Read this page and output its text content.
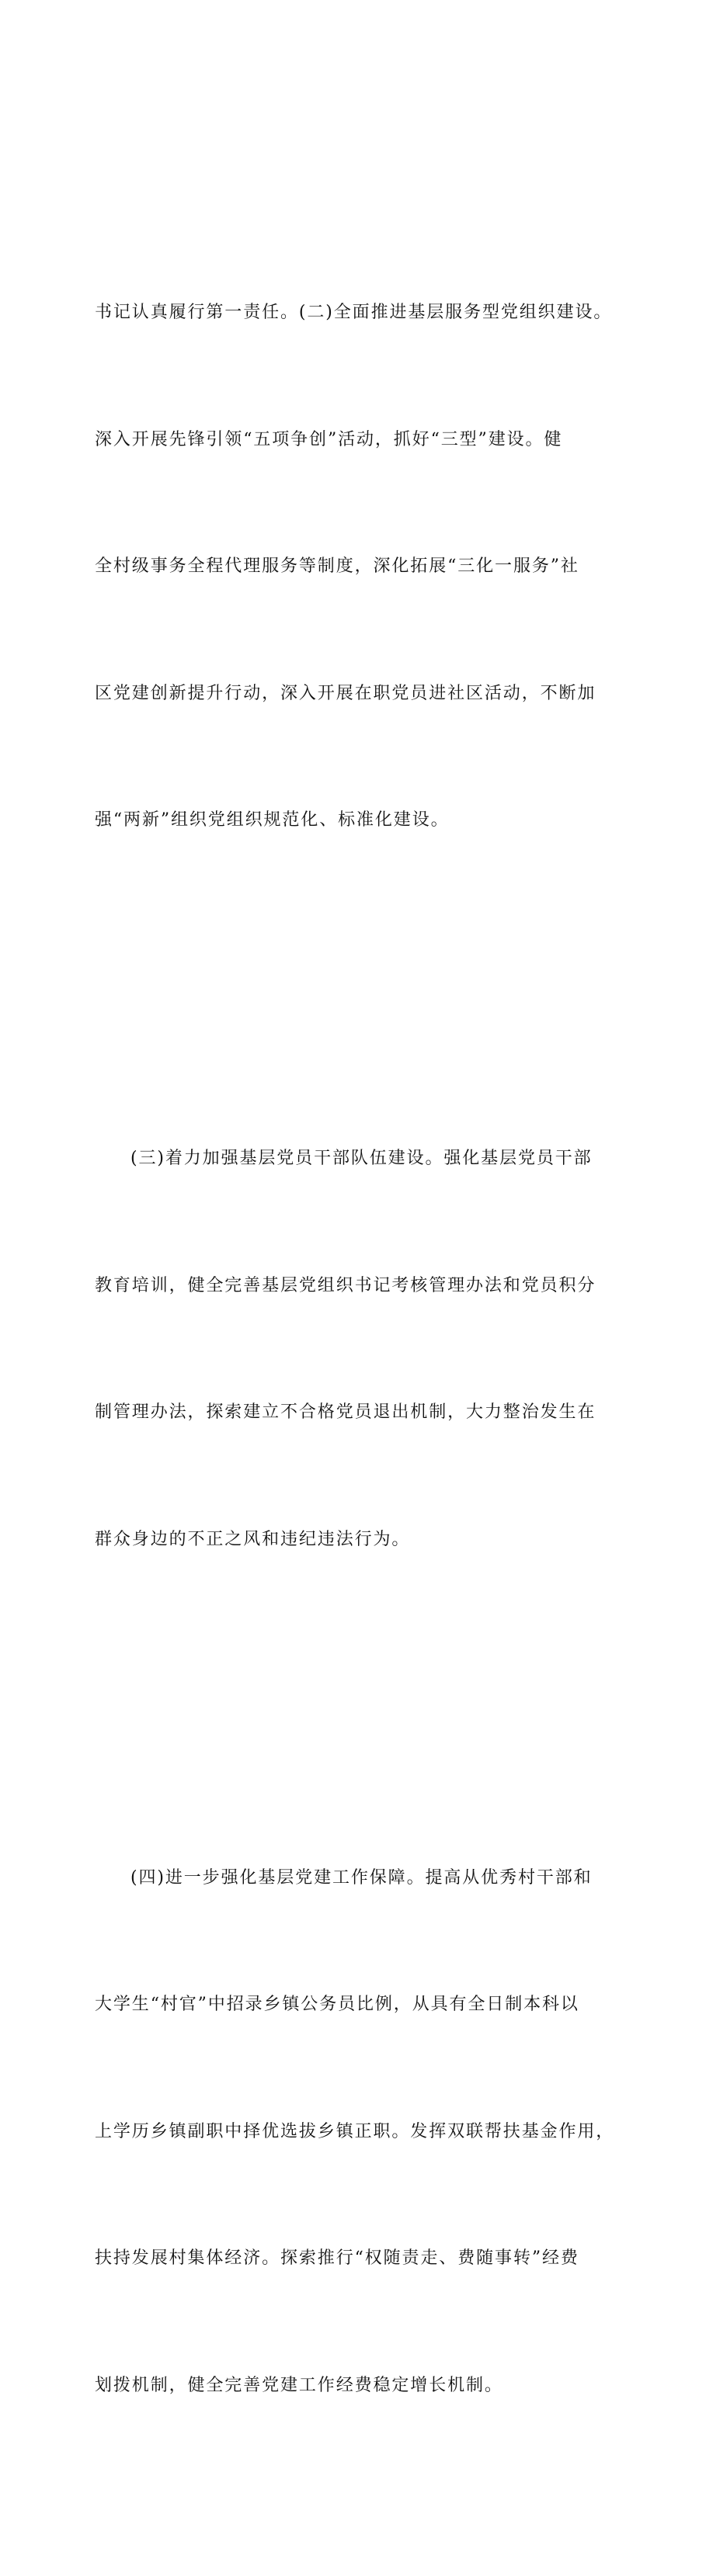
书记认真履行第一责任。(二)全面推进基层服务型党组织建设。

深入开展先锋引领“五项争创”活动，抓好“三型”建设。健

全村级事务全程代理服务等制度，深化拓展“三化一服务”社

区党建创新提升行动，深入开展在职党员进社区活动，不断加

强“两新”组织党组织规范化、标准化建设。

(三)着力加强基层党员干部队伍建设。强化基层党员干部

教育培训，健全完善基层党组织书记考核管理办法和党员积分

制管理办法，探索建立不合格党员退出机制，大力整治发生在

群众身边的不正之风和违纪违法行为。

(四)进一步强化基层党建工作保障。提高从优秀村干部和

大学生“村官”中招录乡镇公务员比例，从具有全日制本科以

上学历乡镇副职中择优选拔乡镇正职。发挥双联帮扶基金作用，

扶持发展村集体经济。探索推行“权随责走、费随事转”经费

划拨机制，健全完善党建工作经费稳定增长机制。
